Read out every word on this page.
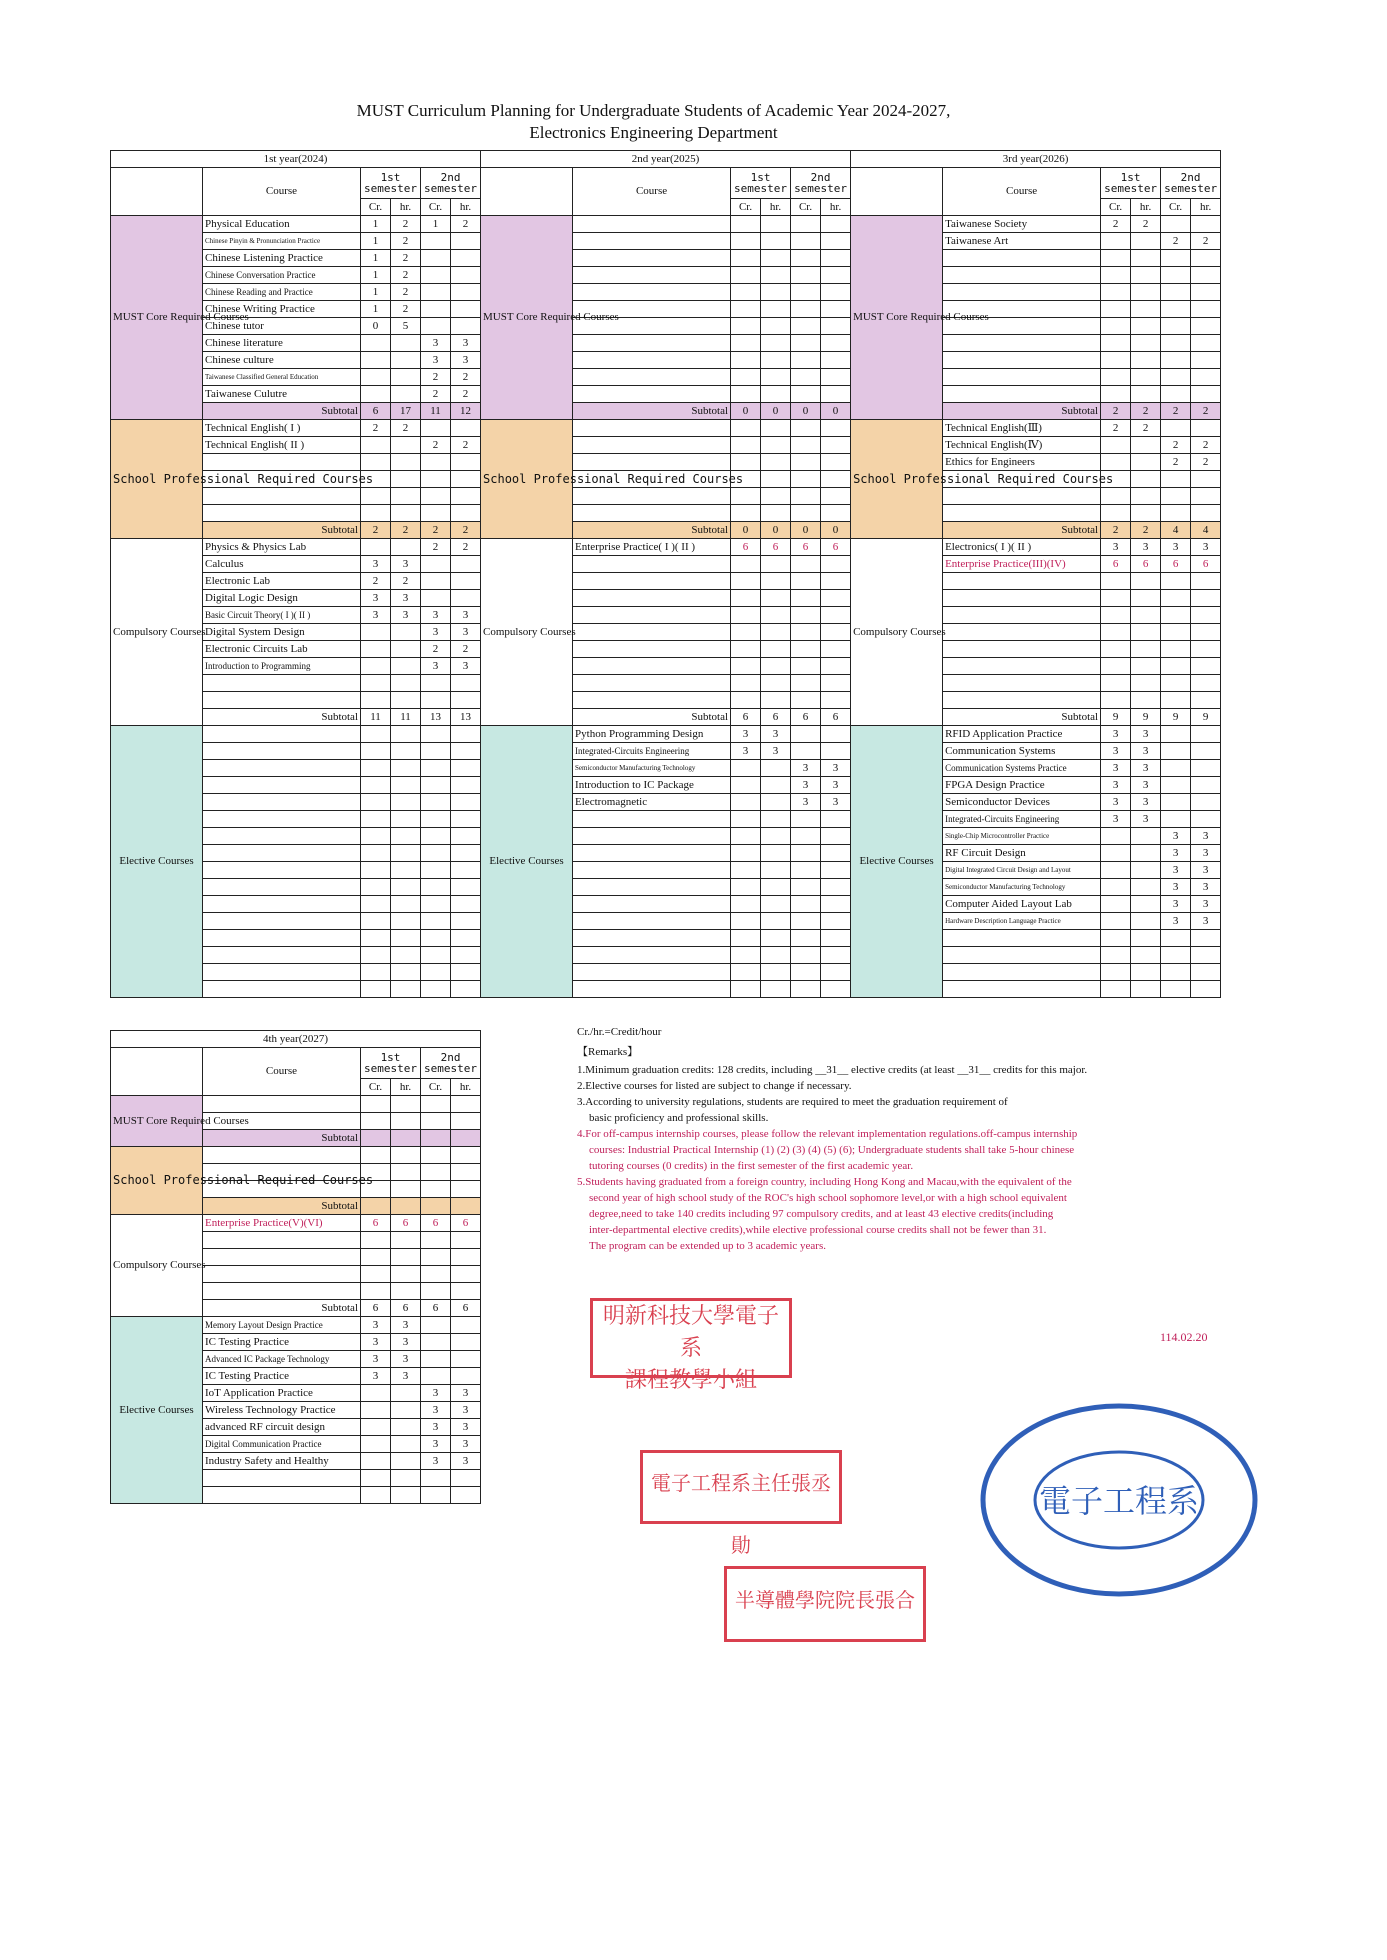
MUST Curriculum Planning for Undergraduate Students of Academic Year 2024-2027,
Electronics Engineering Department
1st year(2024)						2nd year(2025)						3rd year(2026)					
	Course	1st semester		2nd semester			Course	1st semester		2nd semester			Course	1st semester		2nd semester	
		Cr.	hr.	Cr.	hr.			Cr.	hr.	Cr.	hr.			Cr.	hr.	Cr.	hr.
MUST Core Required Courses	Physical Education	1	2	1	2	MUST Core Required Courses						MUST Core Required Courses	Taiwanese Society	2	2		
	Chinese Pinyin & Pronunciation Practice	1	2										Taiwanese Art			2	2
	Chinese Listening Practice	1	2														
	Chinese Conversation Practice	1	2														
	Chinese Reading and Practice	1	2														
	Chinese Writing Practice	1	2														
	Chinese tutor	0	5														
	Chinese literature			3	3												
	Chinese culture			3	3												
	Taiwanese Classified General Education			2	2												
	Taiwanese Culutre			2	2												
	Subtotal	6	17	11	12		Subtotal	0	0	0	0		Subtotal	2	2	2	2
School Professional Required Courses	Technical English( I )	2	2			School Professional Required Courses						School Professional Required Courses	Technical English(Ⅲ)	2	2		
	Technical English( II )			2	2								Technical English(Ⅳ)			2	2
													Ethics for Engineers			2	2

	Subtotal	2	2	2	2		Subtotal	0	0	0	0		Subtotal	2	2	4	4
Compulsory Courses	Physics & Physics Lab			2	2	Compulsory Courses	Enterprise Practice( I )( II )	6	6	6	6	Compulsory Courses	Electronics( I )( II )	3	3	3	3
	Calculus	3	3										Enterprise Practice(III)(IV)	6	6	6	6
	Electronic Lab	2	2														
	Digital Logic Design	3	3														
	Basic Circuit Theory( I )( II )	3	3	3	3												
	Digital System Design			3	3												
	Electronic Circuits Lab			2	2												
	Introduction to Programming			3	3												

	Subtotal	11	11	13	13		Subtotal	6	6	6	6		Subtotal	9	9	9	9
Elective Courses						Elective Courses	Python Programming Design	3	3			Elective Courses	RFID Application Practice	3	3		
							Integrated-Circuits Engineering	3	3				Communication Systems	3	3		
							Semiconductor Manufacturing Technology			3	3		Communication Systems Practice	3	3		
							Introduction to IC Package			3	3		FPGA Design Practice	3	3		
							Electromagnetic			3	3		Semiconductor Devices	3	3		
													Integrated-Circuits Engineering	3	3		
													Single-Chip Microcontroller Practice			3	3
													RF Circuit Design			3	3
													Digital Integrated Circuit Design and Layout			3	3
													Semiconductor Manufacturing Technology			3	3
													Computer Aided Layout Lab			3	3
													Hardware Description Language Practice			3	3

4th year(2027)					
	Course	1st semester		2nd semester	
		Cr.	hr.	Cr.	hr.
MUST Core Required Courses					

	Subtotal				
School Professional Required Courses					

	Subtotal				
Compulsory Courses	Enterprise Practice(V)(VI)	6	6	6	6

	Subtotal	6	6	6	6
Elective Courses	Memory Layout Design Practice	3	3		
	IC Testing Practice	3	3		
	Advanced IC Package Technology	3	3		
	IC Testing Practice	3	3		
	IoT Application Practice			3	3
	Wireless Technology Practice			3	3
	advanced RF circuit design			3	3
	Digital Communication Practice			3	3
	Industry Safety and Healthy			3	3

Cr./hr.=Credit/hour
【Remarks】

1.Minimum graduation credits: 128 credits, including __31__ elective credits (at least __31__ credits for this major.

2.Elective courses for listed are subject to change if necessary.

3.According to university regulations, students are required to meet the graduation requirement of

basic proficiency and professional skills.

4.For off-campus internship courses, please follow the relevant implementation regulations.off-campus internship

courses: Industrial Practical Internship (1) (2) (3) (4) (5) (6); Undergraduate students shall take 5-hour chinese

tutoring courses (0 credits) in the first semester of the first academic year.

5.Students having graduated from a foreign country, including Hong Kong and Macau,with the equivalent of the

second year of high school study of the ROC's high school sophomore level,or with a high school equivalent

degree,need to take 140 credits including 97 compulsory credits, and at least 43 elective credits(including

inter-departmental elective credits),while elective professional course credits shall not be fewer than 31.

The program can be extended up to 3 academic years.

114.02.20
明新科技大學電子系
課程教學小組
電子工程系主任張丞勛
半導體學院院長張合
電子工程系
